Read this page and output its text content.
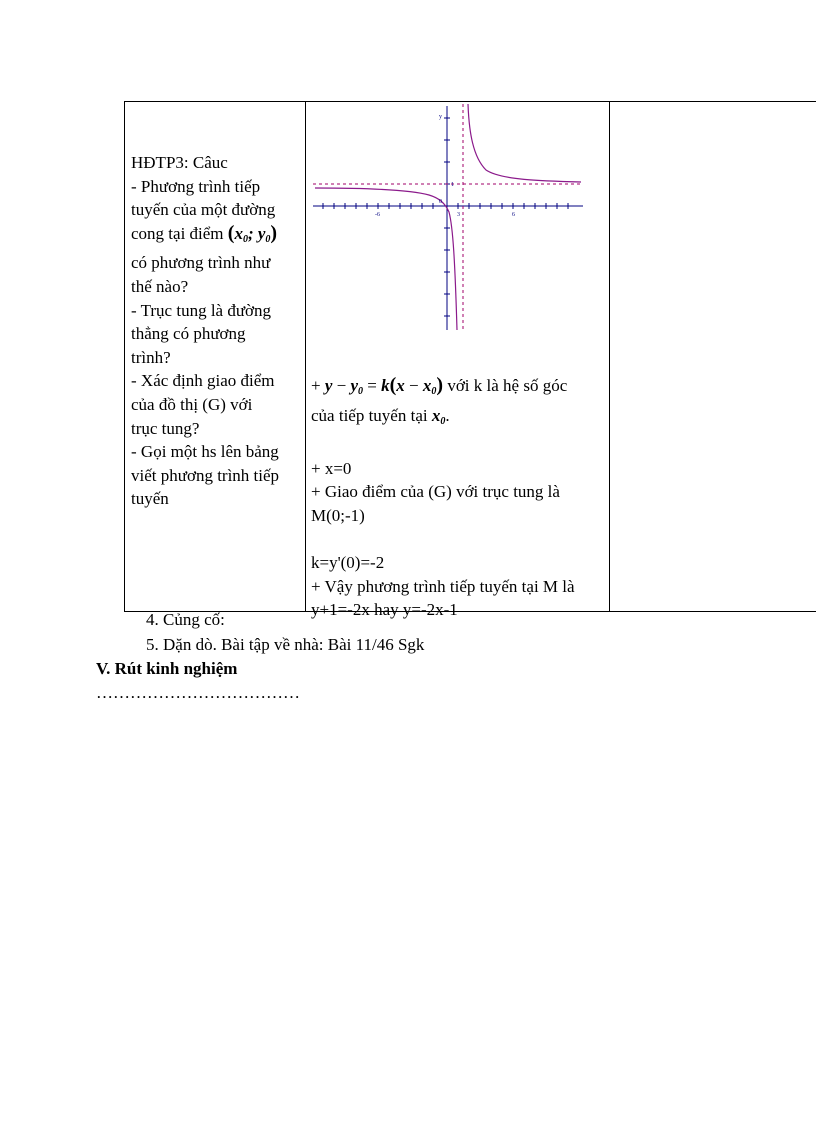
HĐTP3: Câuc
- Phương trình tiếp
tuyến của một đường
cong tại điểm ($x_0$; $y_0$)
có phương trình như
thế nào?
- Trục tung là đường
thẳng có phương
trình?
- Xác định giao điểm
của đồ thị (G) với
trục tung?
- Gọi một hs lên bảng
viết phương trình tiếp
tuyến
y
-6	3	6
0
1
+ $y - y_0 = k(x - x_0)$ với k là hệ số góc
của tiếp tuyến tại $x_0$.

+ x=0
+ Giao điểm của (G) với trục tung là
M(0;-1)

k=y'(0)=-2
+ Vậy phương trình tiếp tuyến tại M là
y+1=-2x hay y=-2x-1
4. Củng cố:
5. Dặn dò. Bài tập về nhà: Bài 11/46 Sgk
V. Rút kinh nghiệm
………………………………
